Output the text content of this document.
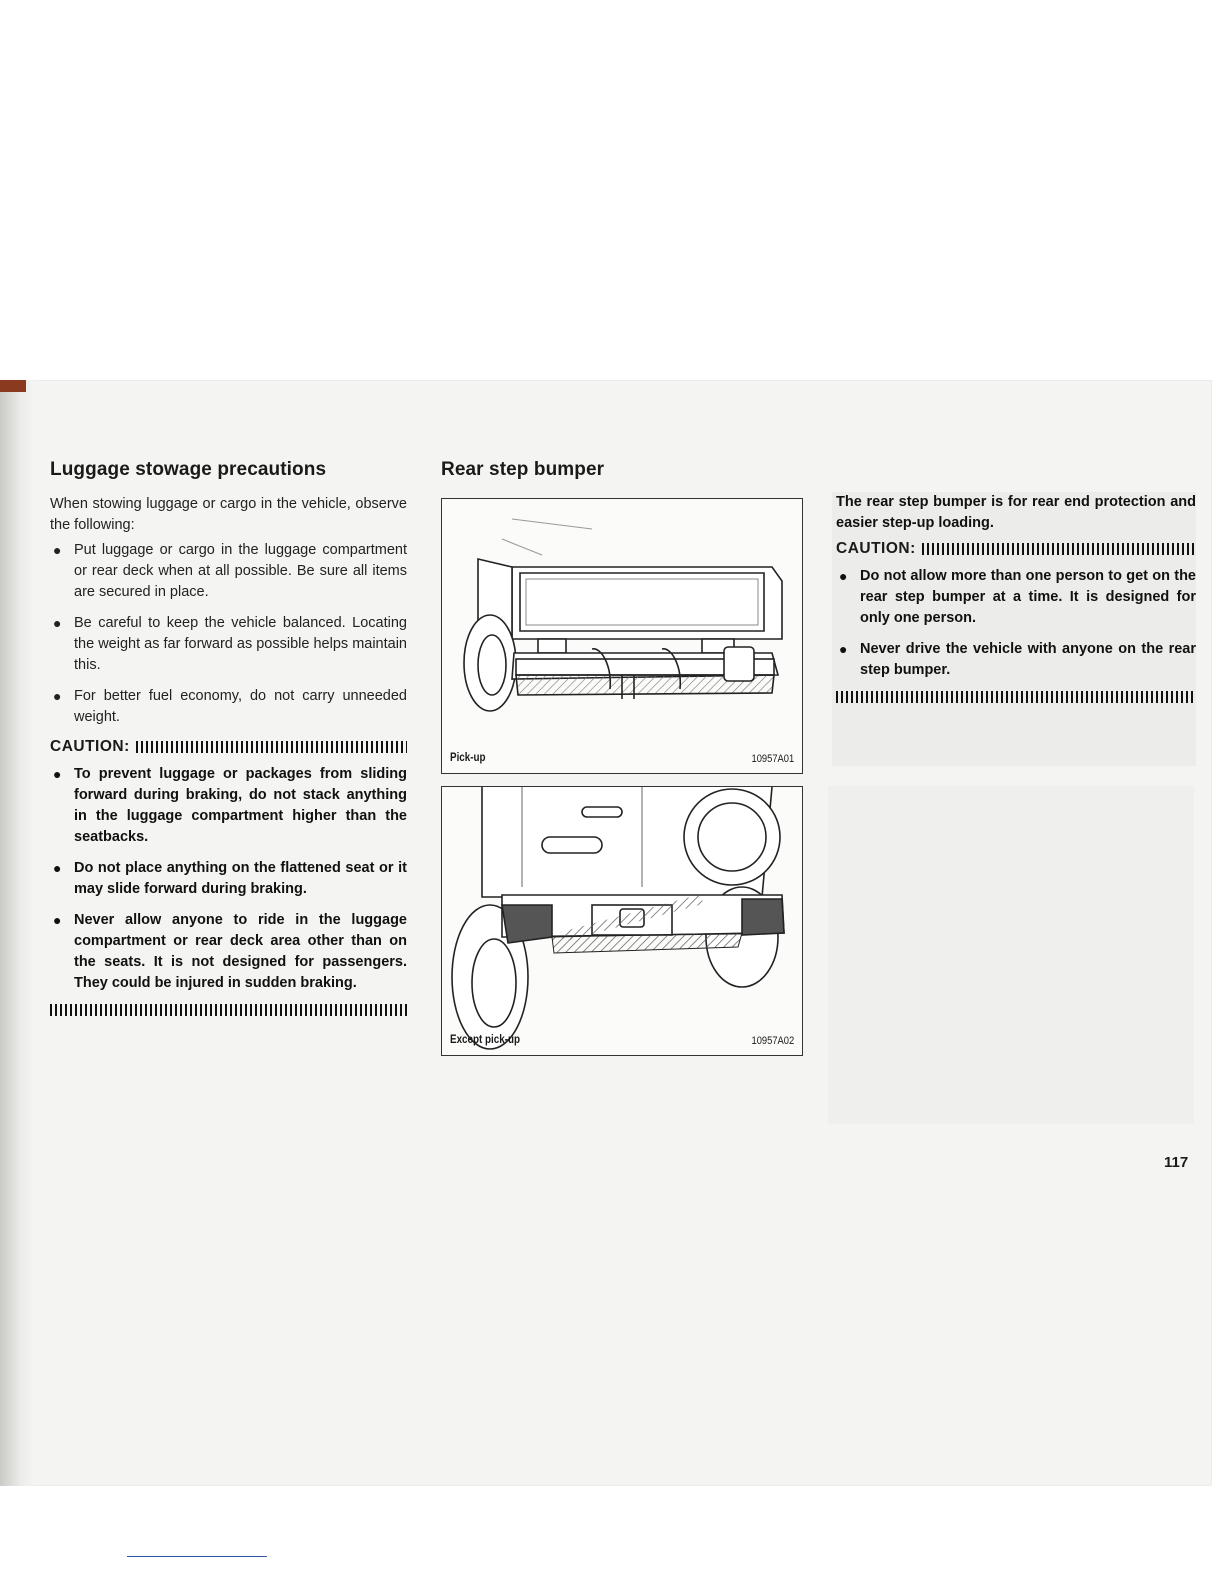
Luggage stowage precautions

When stowing luggage or cargo in the vehicle, observe the following:

● Put luggage or cargo in the luggage compartment or rear deck when at all possible. Be sure all items are secured in place.
● Be careful to keep the vehicle balanced. Locating the weight as far forward as possible helps maintain this.
● For better fuel economy, do not carry unneeded weight.
CAUTION:
● To prevent luggage or packages from sliding forward during braking, do not stack anything in the luggage compartment higher than the seatbacks.
● Do not place anything on the flattened seat or it may slide forward during braking.
● Never allow anyone to ride in the luggage compartment or rear deck area other than on the seats. It is not designed for passengers. They could be injured in sudden braking.
Rear step bumper
Pick-up	10957A01
Except pick-up	10957A02

The rear step bumper is for rear end protection and easier step-up loading.

CAUTION:
● Do not allow more than one person to get on the rear step bumper at a time. It is designed for only one person.
● Never drive the vehicle with anyone on the rear step bumper.
117
